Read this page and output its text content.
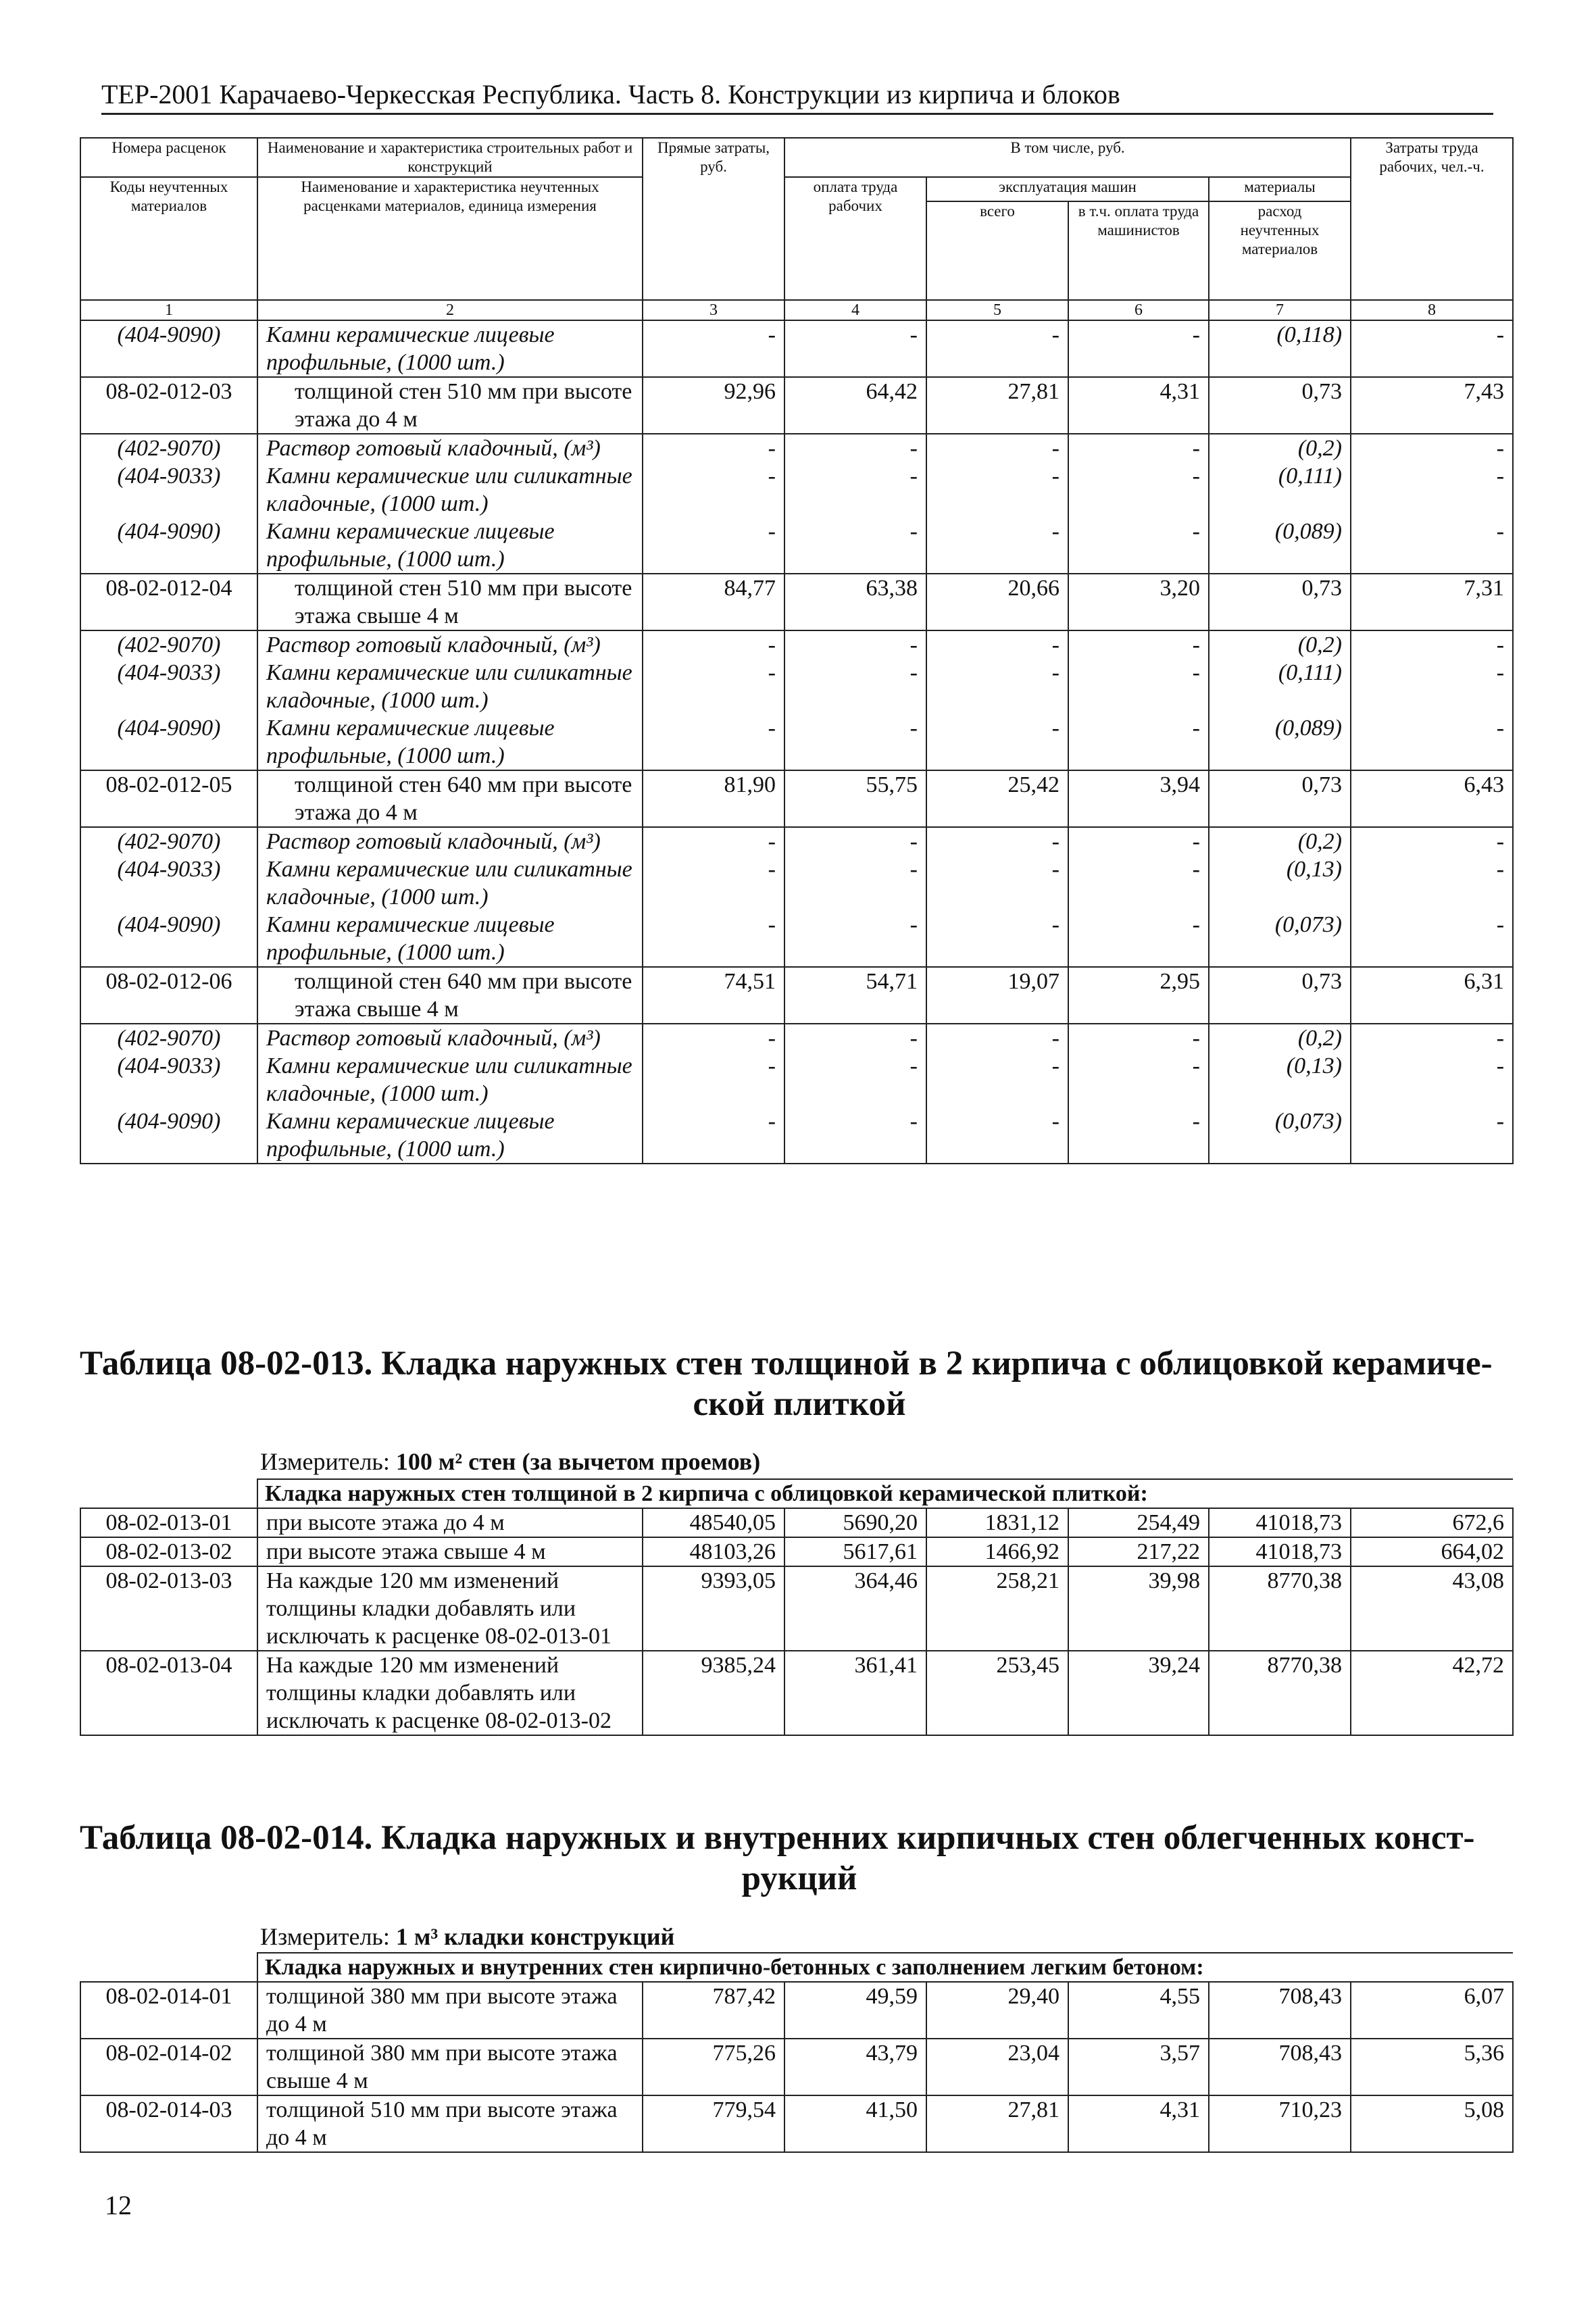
ТЕР-2001 Карачаево-Черкесская Республика. Часть 8. Конструкции из кирпича и блоков
Номера расценок	Наименование и характеристика строительных работ и конструкций	Прямые затраты, руб.	В том числе, руб.				Затраты труда рабочих, чел.-ч.
Коды неучтенных материалов	Наименование и характеристика неучтенных расценками материалов, единица измерения		оплата труда рабочих	эксплуатация машин		материалы	
				всего	в т.ч. оплата труда машинистов	расход неучтенных материалов	
1	2	3	4	5	6	7	8
(404-9090)	Камни керамические лицевые профильные, (1000 шт.)	-	-	-	-	(0,118)	-
08-02-012-03	толщиной стен 510 мм при высоте этажа до 4 м	92,96	64,42	27,81	4,31	0,73	7,43
(402-9070)	Раствор готовый кладочный, (м³)	-	-	-	-	(0,2)	-
(404-9033)	Камни керамические или силикатные кладочные, (1000 шт.)	-	-	-	-	(0,111)	-
(404-9090)	Камни керамические лицевые профильные, (1000 шт.)	-	-	-	-	(0,089)	-
08-02-012-04	толщиной стен 510 мм при высоте этажа свыше 4 м	84,77	63,38	20,66	3,20	0,73	7,31
(402-9070)	Раствор готовый кладочный, (м³)	-	-	-	-	(0,2)	-
(404-9033)	Камни керамические или силикатные кладочные, (1000 шт.)	-	-	-	-	(0,111)	-
(404-9090)	Камни керамические лицевые профильные, (1000 шт.)	-	-	-	-	(0,089)	-
08-02-012-05	толщиной стен 640 мм при высоте этажа до 4 м	81,90	55,75	25,42	3,94	0,73	6,43
(402-9070)	Раствор готовый кладочный, (м³)	-	-	-	-	(0,2)	-
(404-9033)	Камни керамические или силикатные кладочные, (1000 шт.)	-	-	-	-	(0,13)	-
(404-9090)	Камни керамические лицевые профильные, (1000 шт.)	-	-	-	-	(0,073)	-
08-02-012-06	толщиной стен 640 мм при высоте этажа свыше 4 м	74,51	54,71	19,07	2,95	0,73	6,31
(402-9070)	Раствор готовый кладочный, (м³)	-	-	-	-	(0,2)	-
(404-9033)	Камни керамические или силикатные кладочные, (1000 шт.)	-	-	-	-	(0,13)	-
(404-9090)	Камни керамические лицевые профильные, (1000 шт.)	-	-	-	-	(0,073)	-
Таблица 08-02-013. Кладка наружных стен толщиной в 2 кирпича с облицовкой керамиче-
ской плиткой
Измеритель: 100 м² стен (за вычетом проемов)
	Кладка наружных стен толщиной в 2 кирпича с облицовкой керамической плиткой:						
08-02-013-01	при высоте этажа до 4 м	48540,05	5690,20	1831,12	254,49	41018,73	672,6
08-02-013-02	при высоте этажа свыше 4 м	48103,26	5617,61	1466,92	217,22	41018,73	664,02
08-02-013-03	На каждые 120 мм изменений толщины кладки добавлять или исключать к расценке 08-02-013-01	9393,05	364,46	258,21	39,98	8770,38	43,08
08-02-013-04	На каждые 120 мм изменений толщины кладки добавлять или исключать к расценке 08-02-013-02	9385,24	361,41	253,45	39,24	8770,38	42,72
Таблица 08-02-014. Кладка наружных и внутренних кирпичных стен облегченных конст-
рукций
Измеритель: 1 м³ кладки конструкций
	Кладка наружных и внутренних стен кирпично-бетонных с заполнением легким бетоном:						
08-02-014-01	толщиной 380 мм при высоте этажа до 4 м	787,42	49,59	29,40	4,55	708,43	6,07
08-02-014-02	толщиной 380 мм при высоте этажа свыше 4 м	775,26	43,79	23,04	3,57	708,43	5,36
08-02-014-03	толщиной 510 мм при высоте этажа до 4 м	779,54	41,50	27,81	4,31	710,23	5,08
12
